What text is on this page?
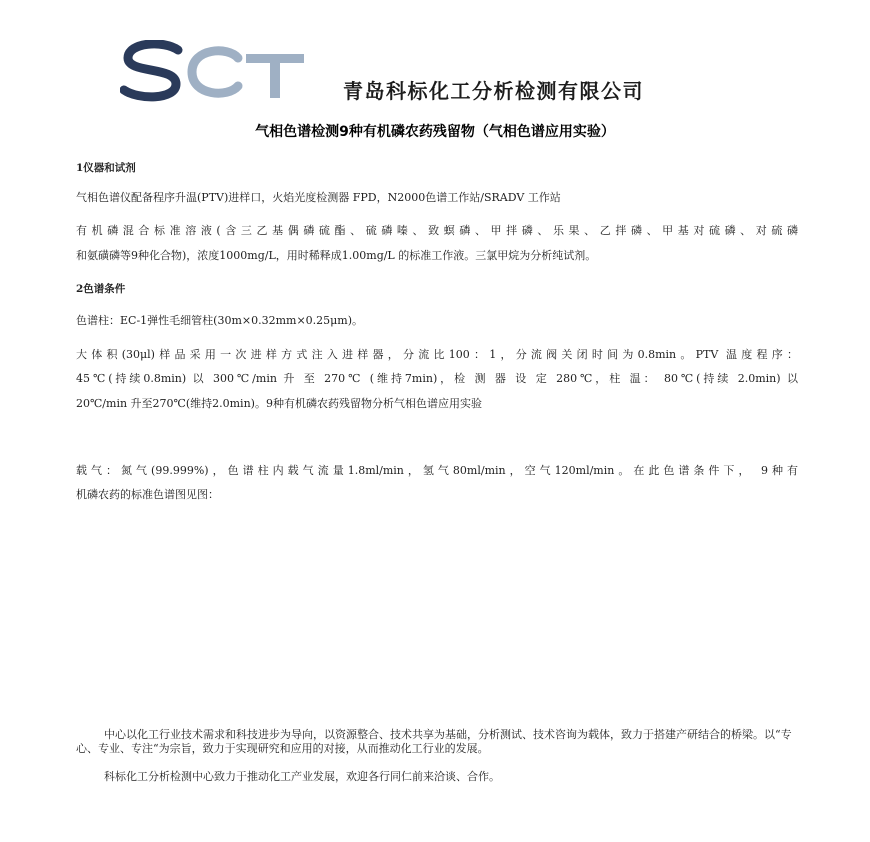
青岛科标化工分析检测有限公司
气相色谱检测9种有机磷农药残留物（气相色谱应用实验）
1仪器和试剂
气相色谱仪配备程序升温(PTV)进样口，火焰光度检测器 FPD，N2000色谱工作站/SRADV 工作站
有机磷混合标准溶液(含三乙基偶磷硫酯、硫磷嗪、致螟磷、甲拌磷、乐果、乙拌磷、甲基对硫磷、对硫磷
和氨磺磷等9种化合物)，浓度1000mg/L，用时稀释成1.00mg/L 的标准工作液。三氯甲烷为分析纯试剂。
2色谱条件
色谱柱：EC-1弹性毛细管柱(30m×0.32mm×0.25μm)。
大体积(30μl)样品采用一次进样方式注入进样器，分流比100：1，分流阀关闭时间为0.8min。PTV 温度程序：
45℃(持续0.8min) 以 300℃/min 升 至 270℃ (维持7min)，检 测 器 设 定 280℃，柱 温： 80℃(持续 2.0min) 以
20℃/min 升至270℃(维持2.0min)。9种有机磷农药残留物分析气相色谱应用实验
载气：氮气(99.999%)，色谱柱内载气流量1.8ml/min，氢气80ml/min，空气120ml/min。在此色谱条件下， 9种有
机磷农药的标准色谱图见图：
中心以化工行业技术需求和科技进步为导向，以资源整合、技术共享为基础，分析测试、技术咨询为载体，致力于搭建产研结合的桥梁。以“专心、专业、专注“为宗旨，致力于实现研究和应用的对接，从而推动化工行业的发展。
科标化工分析检测中心致力于推动化工产业发展，欢迎各行同仁前来洽谈、合作。
